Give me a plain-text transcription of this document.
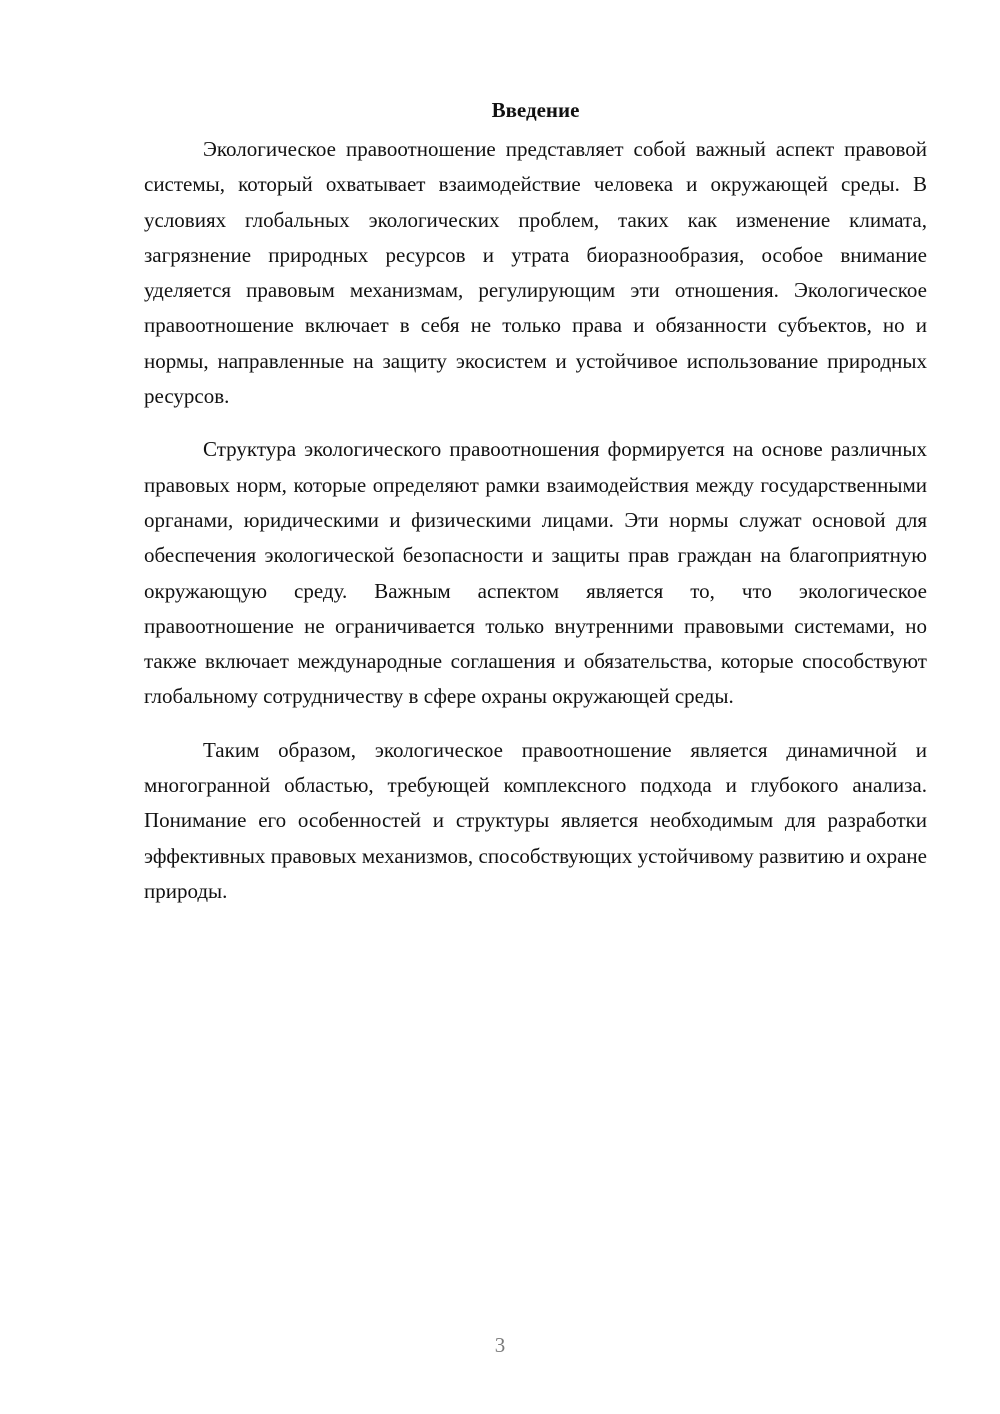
Введение

Экологическое правоотношение представляет собой важный аспект правовой системы, который охватывает взаимодействие человека и окружающей среды. В условиях глобальных экологических проблем, таких как изменение климата, загрязнение природных ресурсов и утрата биоразнообразия, особое внимание уделяется правовым механизмам, регулирующим эти отношения. Экологическое правоотношение включает в себя не только права и обязанности субъектов, но и нормы, направленные на защиту экосистем и устойчивое использование природных ресурсов.

Структура экологического правоотношения формируется на основе различных правовых норм, которые определяют рамки взаимодействия между государственными органами, юридическими и физическими лицами. Эти нормы служат основой для обеспечения экологической безопасности и защиты прав граждан на благоприятную окружающую среду. Важным аспектом является то, что экологическое правоотношение не ограничивается только внутренними правовыми системами, но также включает международные соглашения и обязательства, которые способствуют глобальному сотрудничеству в сфере охраны окружающей среды.

Таким образом, экологическое правоотношение является динамичной и многогранной областью, требующей комплексного подхода и глубокого анализа. Понимание его особенностей и структуры является необходимым для разработки эффективных правовых механизмов, способствующих устойчивому развитию и охране природы.

3
